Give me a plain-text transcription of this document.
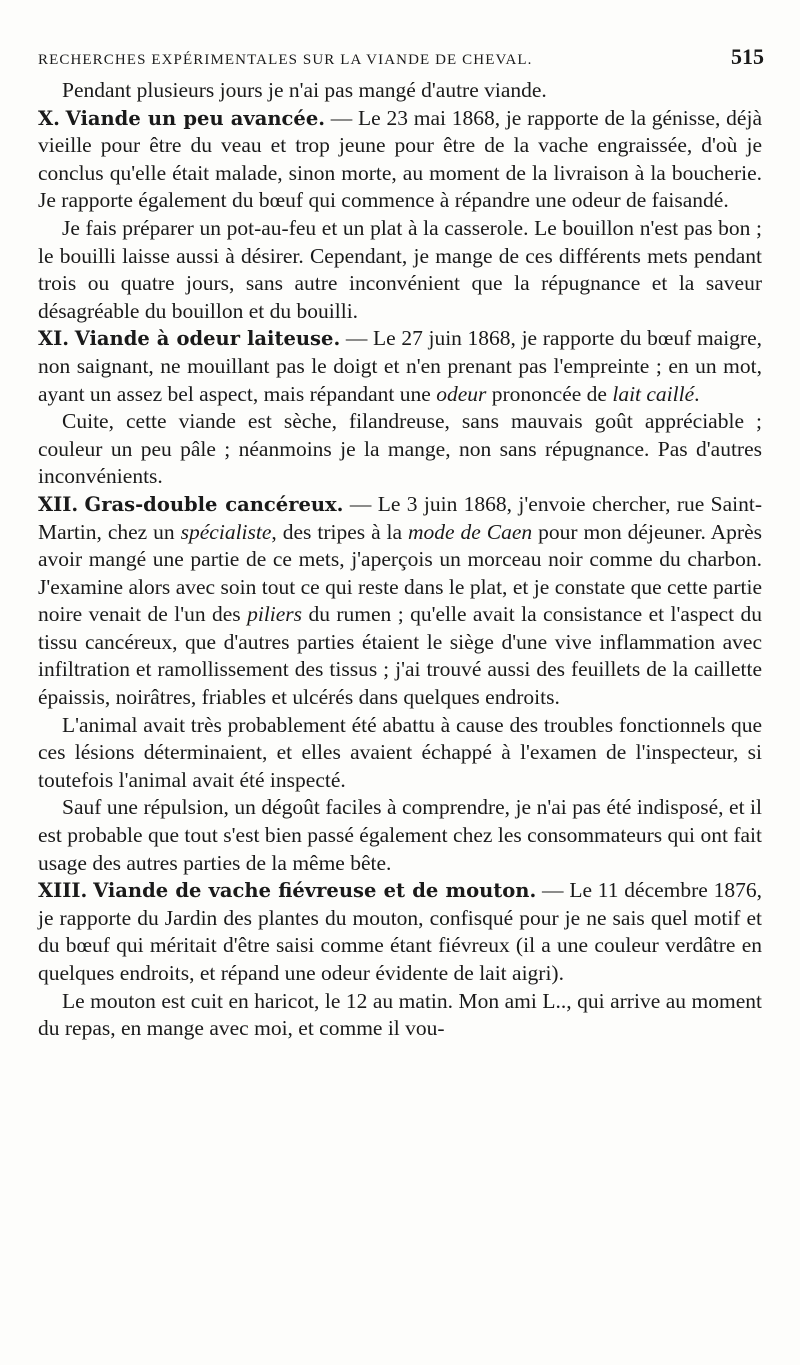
RECHERCHES EXPÉRIMENTALES SUR LA VIANDE DE CHEVAL.	515

Pendant plusieurs jours je n'ai pas mangé d'autre viande.

X. Viande un peu avancée. — Le 23 mai 1868, je rapporte de la génisse, déjà vieille pour être du veau et trop jeune pour être de la vache engraissée, d'où je conclus qu'elle était malade, sinon morte, au moment de la livraison à la boucherie. Je rapporte également du bœuf qui commence à répandre une odeur de faisandé.

Je fais préparer un pot-au-feu et un plat à la casserole. Le bouillon n'est pas bon ; le bouilli laisse aussi à désirer. Cependant, je mange de ces différents mets pendant trois ou quatre jours, sans autre inconvénient que la répugnance et la saveur désagréable du bouillon et du bouilli.

XI. Viande à odeur laiteuse. — Le 27 juin 1868, je rapporte du bœuf maigre, non saignant, ne mouillant pas le doigt et n'en prenant pas l'empreinte ; en un mot, ayant un assez bel aspect, mais répandant une odeur prononcée de lait caillé.

Cuite, cette viande est sèche, filandreuse, sans mauvais goût appréciable ; couleur un peu pâle ; néanmoins je la mange, non sans répugnance. Pas d'autres inconvénients.

XII. Gras-double cancéreux. — Le 3 juin 1868, j'envoie chercher, rue Saint-Martin, chez un spécialiste, des tripes à la mode de Caen pour mon déjeuner. Après avoir mangé une partie de ce mets, j'aperçois un morceau noir comme du charbon. J'examine alors avec soin tout ce qui reste dans le plat, et je constate que cette partie noire venait de l'un des piliers du rumen ; qu'elle avait la consistance et l'aspect du tissu cancéreux, que d'autres parties étaient le siège d'une vive inflammation avec infiltration et ramollissement des tissus ; j'ai trouvé aussi des feuillets de la caillette épaissis, noirâtres, friables et ulcérés dans quelques endroits.

L'animal avait très probablement été abattu à cause des troubles fonctionnels que ces lésions déterminaient, et elles avaient échappé à l'examen de l'inspecteur, si toutefois l'animal avait été inspecté.

Sauf une répulsion, un dégoût faciles à comprendre, je n'ai pas été indisposé, et il est probable que tout s'est bien passé également chez les consommateurs qui ont fait usage des autres parties de la même bête.

XIII. Viande de vache fiévreuse et de mouton. — Le 11 décembre 1876, je rapporte du Jardin des plantes du mouton, confisqué pour je ne sais quel motif et du bœuf qui méritait d'être saisi comme étant fiévreux (il a une couleur verdâtre en quelques endroits, et répand une odeur évidente de lait aigri).

Le mouton est cuit en haricot, le 12 au matin. Mon ami L.., qui arrive au moment du repas, en mange avec moi, et comme il vou-
